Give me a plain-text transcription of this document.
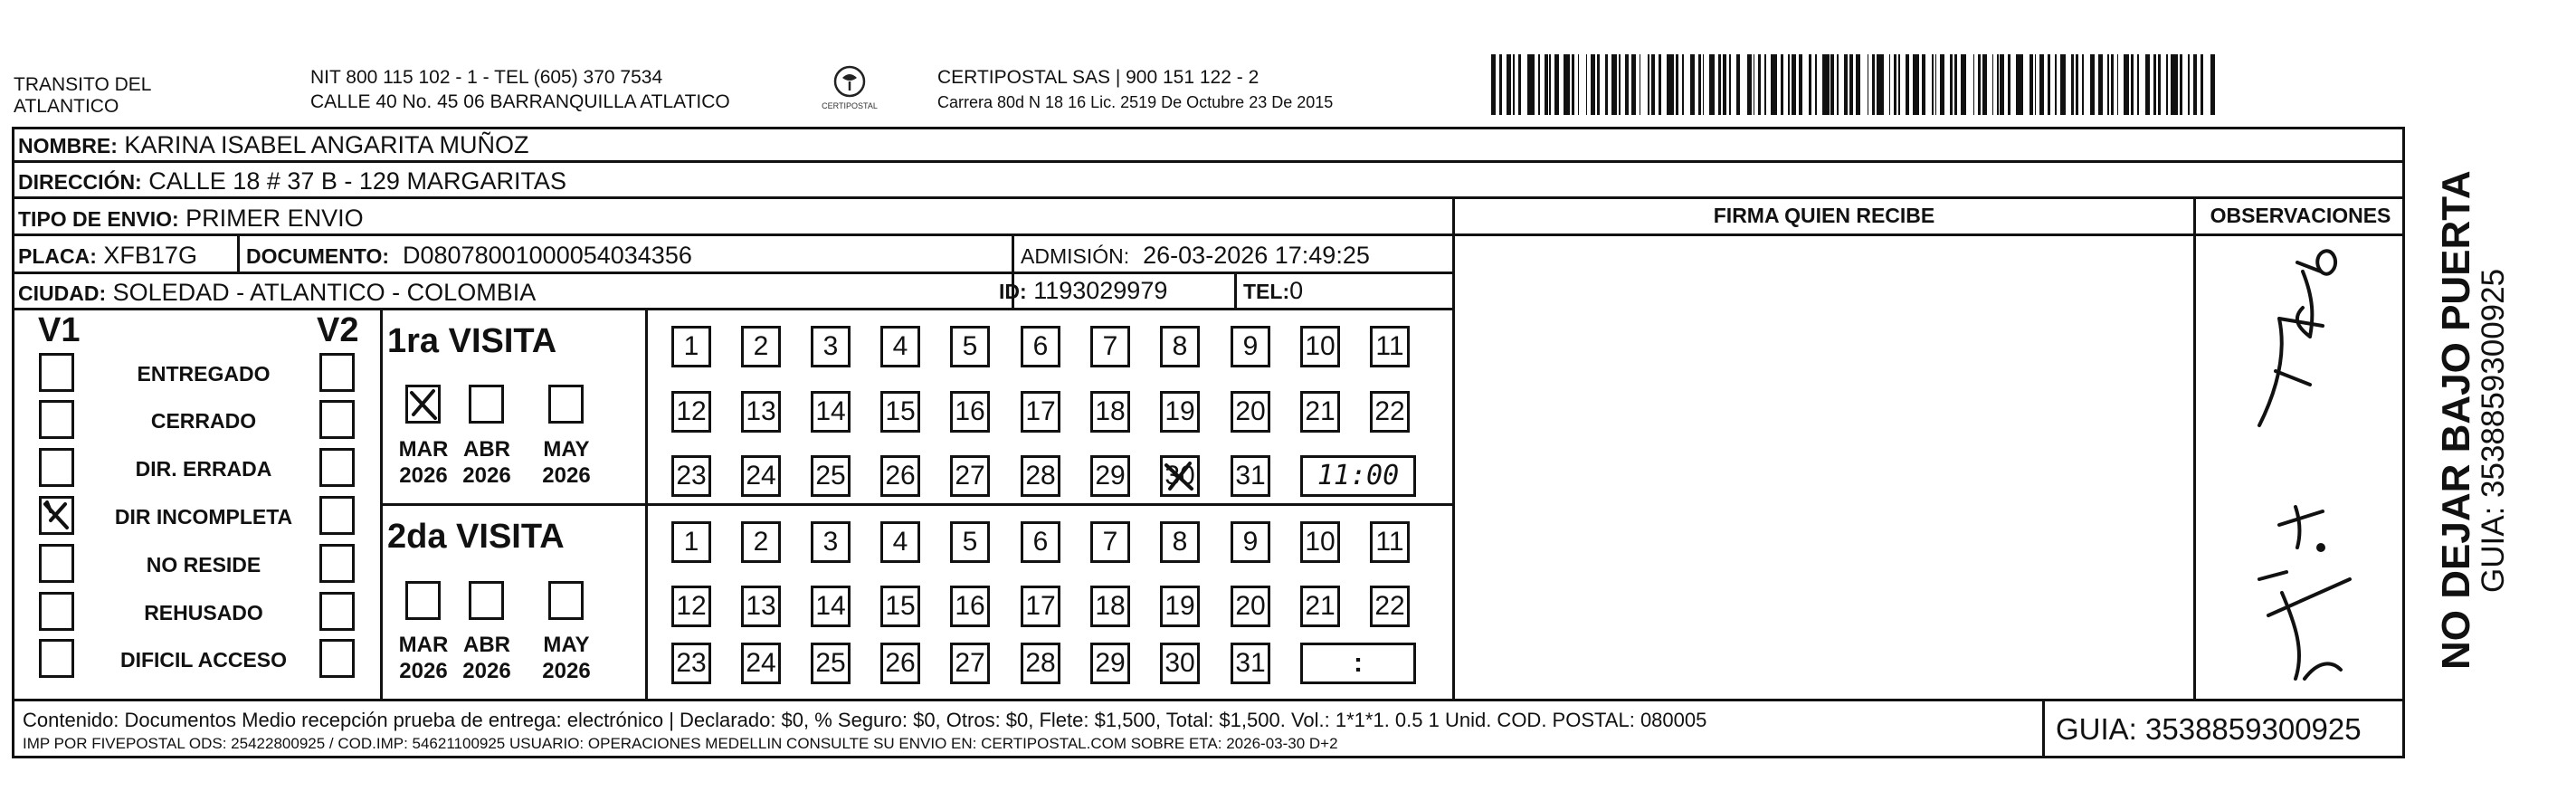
TRANSITO DEL
ATLANTICO
NIT 800 115 102 - 1 - TEL (605) 370 7534
CALLE 40 No. 45 06 BARRANQUILLA ATLATICO	CERTIPOSTAL
CERTIPOSTAL SAS | 900 151 122 - 2
Carrera 80d N 18 16 Lic. 2519 De Octubre 23 De 2015
NOMBRE: KARINA ISABEL ANGARITA MUÑOZ
DIRECCIÓN: CALLE 18 # 37 B - 129 MARGARITAS
TIPO DE ENVIO: PRIMER ENVIO
PLACA: XFB17G DOCUMENTO: D08078001000054034356	ADMISIÓN: 26-03-2026 17:49:25
CIUDAD: SOLEDAD - ATLANTICO - COLOMBIA	ID: 1193029979	TEL:0
FIRMA QUIEN RECIBE	OBSERVACIONES
V1	V2
ENTREGADO
CERRADO
DIR. ERRADA
DIR INCOMPLETA
NO RESIDE
REHUSADO
DIFICIL ACCESO
1ra VISITA
2da VISITA
MAR
2026
ABR
2026
MAY
2026
1	2	3	4	5	6	7	8	9	10 11
12 13 14 15 16 17 18 19 20 21 22
23 24 25 26 27 28 29 30 31	11:00
MAR
2026
ABR
2026
MAY
2026
1	2	3	4	5	6	7	8	9	10 11
12 13 14 15 16 17 18 19 20 21 22
23 24 25 26 27 28 29 30 31	:
Contenido: Documentos Medio recepción prueba de entrega: electrónico | Declarado: $0, % Seguro: $0, Otros: $0, Flete: $1,500, Total: $1,500. Vol.: 1*1*1. 0.5 1 Unid. COD. POSTAL: 080005
IMP POR FIVEPOSTAL ODS: 25422800925 / COD.IMP: 54621100925 USUARIO: OPERACIONES MEDELLIN CONSULTE SU ENVIO EN: CERTIPOSTAL.COM SOBRE ETA: 2026-03-30 D+2	GUIA: 3538859300925
NO DEJAR BAJO PUERTA
GUIA: 3538859300925
